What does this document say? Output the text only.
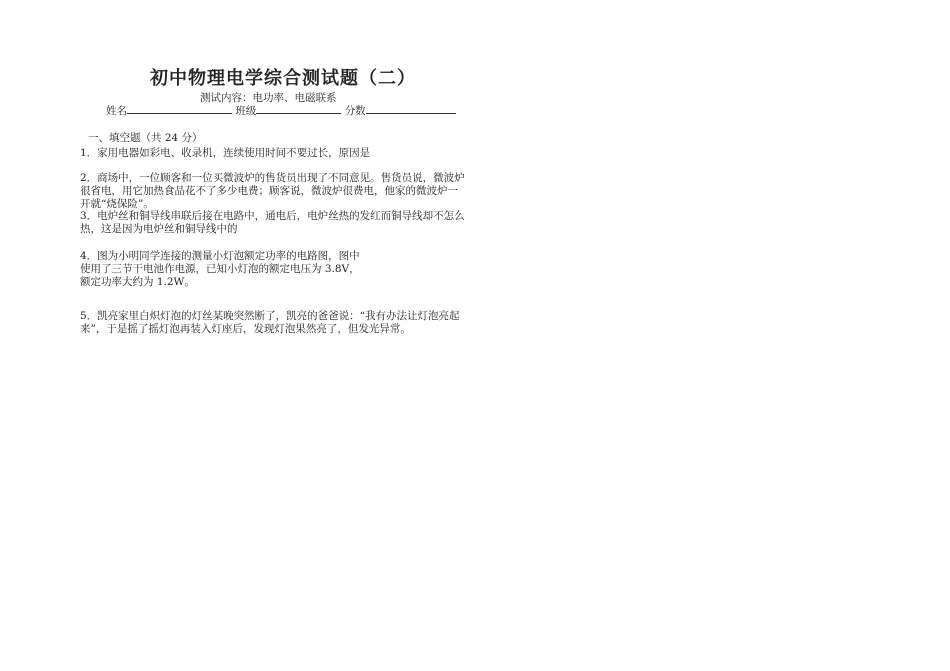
初中物理电学综合测试题（二）
测试内容：电功率、电磁联系
姓名	班级	分数
一、填空题（共 24 分）
1．家用电器如彩电、收录机，连续使用时间不要过长，原因是
2．商场中，一位顾客和一位买微波炉的售货员出现了不同意见。售货员说，微波炉很省电，用它加热食品花不了多少电费；顾客说，微波炉很费电，他家的微波炉一开就“烧保险”。
3．电炉丝和铜导线串联后接在电路中，通电后，电炉丝热的发红而铜导线却不怎么热，这是因为电炉丝和铜导线中的
4．图为小明同学连接的测量小灯泡额定功率的电路图，图中使用了三节干电池作电源，已知小灯泡的额定电压为 3.8V，额定功率大约为 1.2W。
5．凯亮家里白炽灯泡的灯丝某晚突然断了，凯亮的爸爸说：“我有办法让灯泡亮起来”，于是摇了摇灯泡再装入灯座后，发现灯泡果然亮了，但发光异常。
